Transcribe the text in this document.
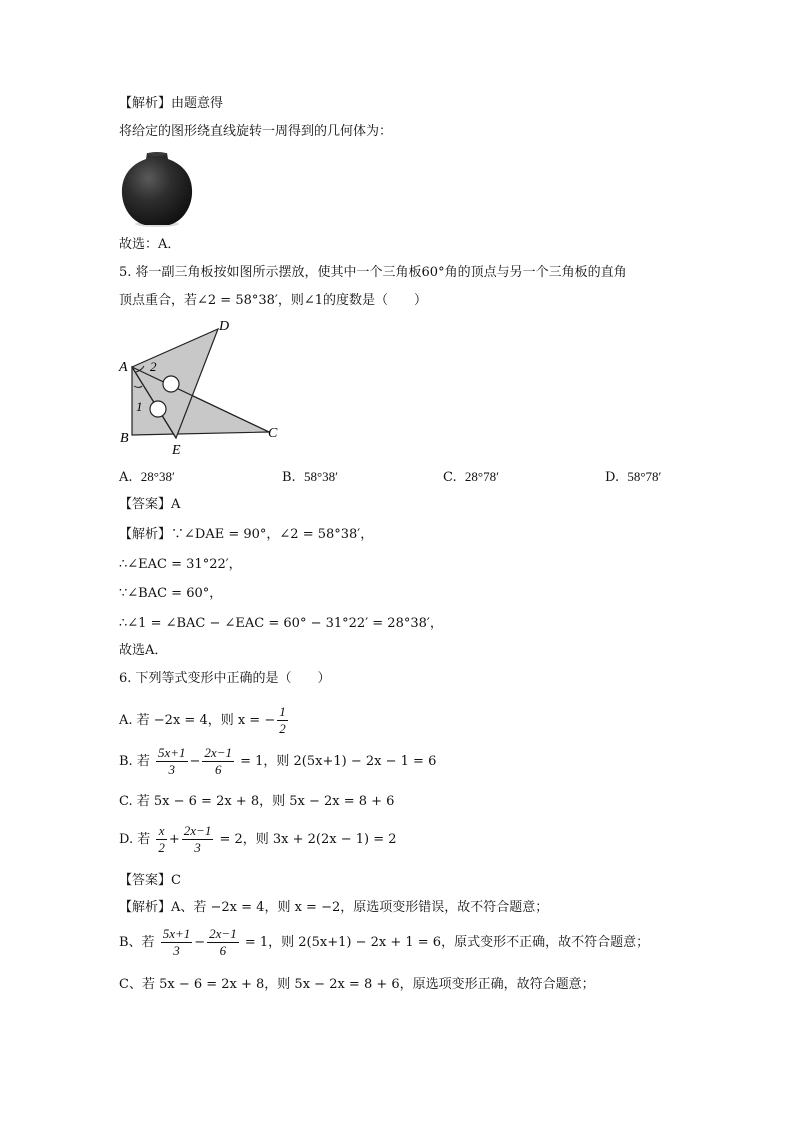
【解析】由题意得
将给定的图形绕直线旋转一周得到的几何体为：
故选：A．
5. 将一副三角板按如图所示摆放，使其中一个三角板60°角的顶点与另一个三角板的直角
顶点重合，若∠2 = 58°38′，则∠1的度数是（　　）
A
B	C
D
E
2
1
A. 28°38′	B. 58°38′	C. 28°78′	D. 58°78′
【答案】A
【解析】∵∠DAE = 90°，∠2 = 58°38′，
∴∠EAC = 31°22′，
∵∠BAC = 60°，
∴∠1 = ∠BAC − ∠EAC = 60° − 31°22′ = 28°38′，
故选A．
6. 下列等式变形中正确的是（　　）
A. 若 −2x = 4，则 x = − $\frac{1}{2}$
B. 若 $\frac{5x+1}{3} - \frac{2x-1}{6} = 1$，则 2(5x+1) − 2x − 1 = 6
C. 若 5x − 6 = 2x + 8，则 5x − 2x = 8 + 6
D. 若 $\frac{x}{2} + \frac{2x-1}{3} = 2$，则 3x + 2(2x − 1) = 2
【答案】C
【解析】A、若 −2x = 4，则 x = −2，原选项变形错误，故不符合题意；
B、若 $\frac{5x+1}{3} - \frac{2x-1}{6} = 1$，则 2(5x+1) − 2x + 1 = 6，原式变形不正确，故不符合题意；
C、若 5x − 6 = 2x + 8，则 5x − 2x = 8 + 6，原选项变形正确，故符合题意；
